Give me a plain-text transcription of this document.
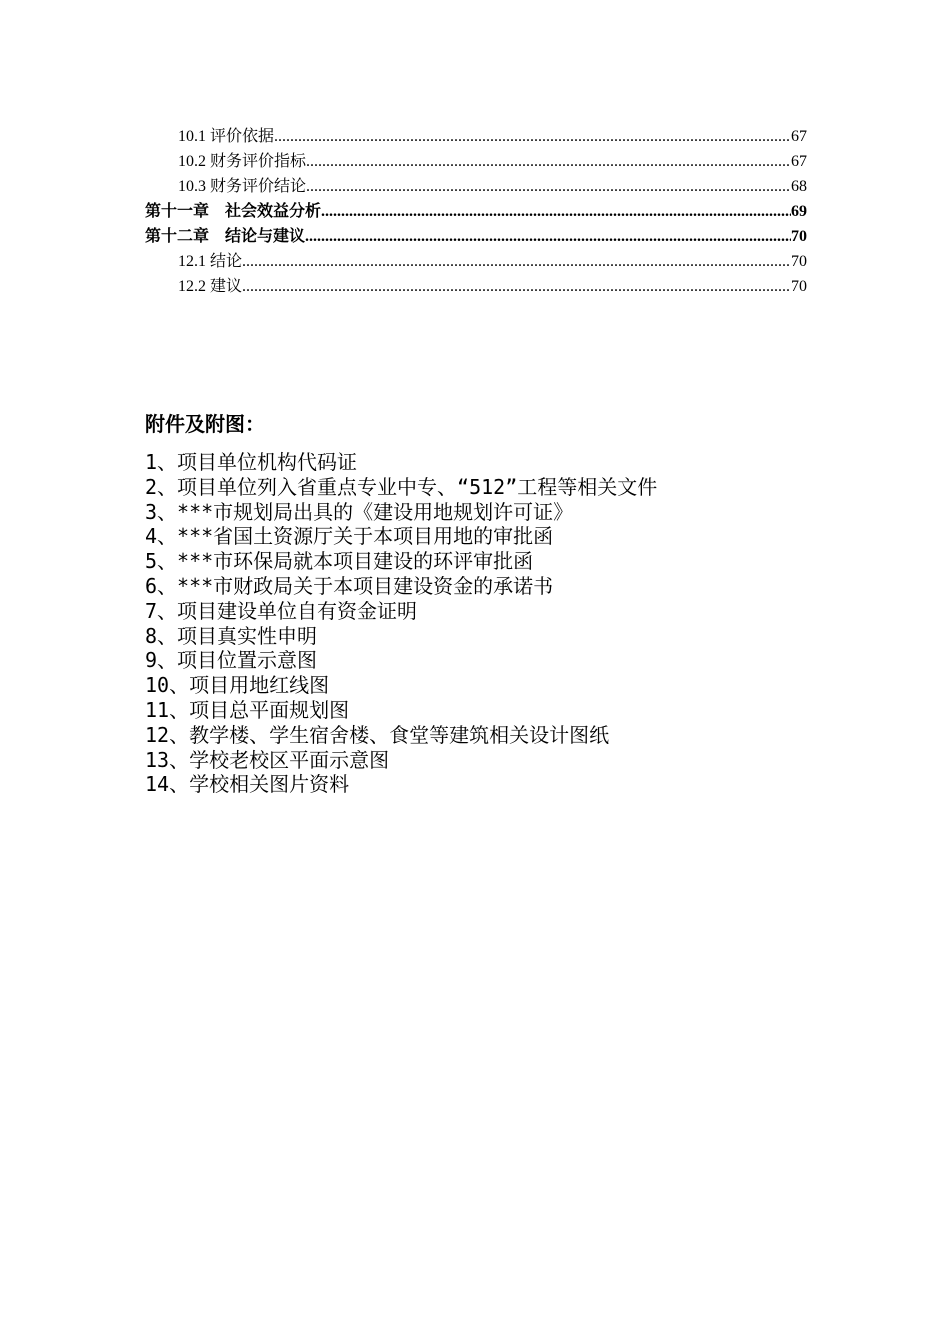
10.1 评价依据 .....	67
10.2 财务评价指标 .....	67
10.3 财务评价结论 .....	68
第十一章　社会效益分析 .....	69
第十二章　结论与建议 .....	70
12.1 结论 .....	70
12.2 建议 .....	70
附件及附图：
1、项目单位机构代码证
2、项目单位列入省重点专业中专、“512”工程等相关文件
3、***市规划局出具的《建设用地规划许可证》
4、***省国土资源厅关于本项目用地的审批函
5、***市环保局就本项目建设的环评审批函
6、***市财政局关于本项目建设资金的承诺书
7、项目建设单位自有资金证明
8、项目真实性申明
9、项目位置示意图
10、项目用地红线图
11、项目总平面规划图
12、教学楼、学生宿舍楼、食堂等建筑相关设计图纸
13、学校老校区平面示意图
14、学校相关图片资料
